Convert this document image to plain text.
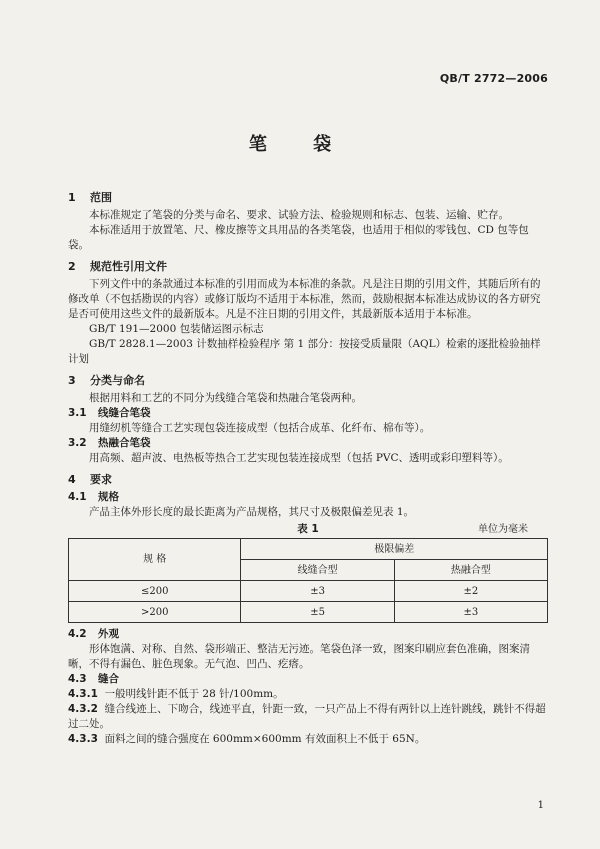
QB/T 2772—2006
笔 袋
1 范围

本标准规定了笔袋的分类与命名、要求、试验方法、检验规则和标志、包装、运输、贮存。

本标准适用于放置笔、尺、橡皮擦等文具用品的各类笔袋，也适用于相似的零钱包、CD 包等包袋。

2 规范性引用文件

下列文件中的条款通过本标准的引用而成为本标准的条款。凡是注日期的引用文件，其随后所有的修改单（不包括勘误的内容）或修订版均不适用于本标准，然而，鼓励根据本标准达成协议的各方研究是否可使用这些文件的最新版本。凡是不注日期的引用文件，其最新版本适用于本标准。

GB/T 191—2000 包装储运图示标志

GB/T 2828.1—2003 计数抽样检验程序 第 1 部分：按接受质量限（AQL）检索的逐批检验抽样计划

3 分类与命名

根据用料和工艺的不同分为线缝合笔袋和热融合笔袋两种。

3.1 线缝合笔袋

用缝纫机等缝合工艺实现包袋连接成型（包括合成革、化纤布、棉布等）。

3.2 热融合笔袋

用高频、超声波、电热板等热合工艺实现包装连接成型（包括 PVC、透明或彩印塑料等）。

4 要求
4.1 规格

产品主体外形长度的最长距离为产品规格，其尺寸及极限偏差见表 1。

表 1	单位为毫米
规 格	极限偏差	
	线缝合型	热融合型
≤200	±3	±2
>200	±5	±3
4.2 外观

形体饱满、对称、自然、袋形端正、整洁无污迹。笔袋色泽一致，图案印刷应套色准确，图案清晰，不得有漏色、脏色现象。无气泡、凹凸、疙瘩。

4.3 缝合

4.3.1 一般明线针距不低于 28 针/100mm。

4.3.2 缝合线迹上、下吻合，线迹平直，针距一致，一只产品上不得有两针以上连针跳线，跳针不得超过二处。

4.3.3 面料之间的缝合强度在 600mm×600mm 有效面积上不低于 65N。

1
